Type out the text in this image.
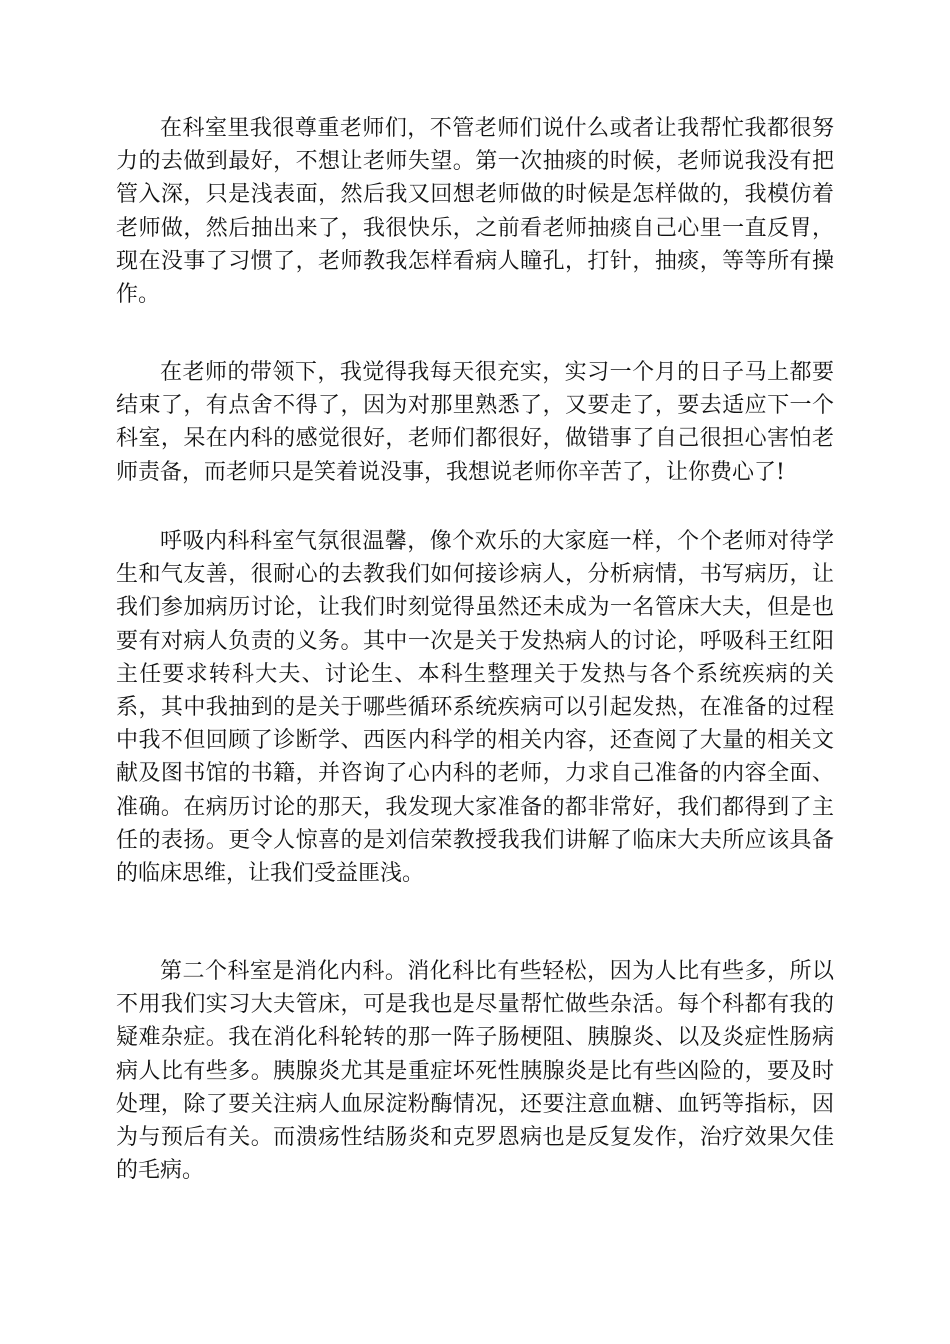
在科室里我很尊重老师们，不管老师们说什么或者让我帮忙我都很努力的去做到最好，不想让老师失望。第一次抽痰的时候，老师说我没有把管入深，只是浅表面，然后我又回想老师做的时候是怎样做的，我模仿着老师做，然后抽出来了，我很快乐，之前看老师抽痰自己心里一直反胃，现在没事了习惯了，老师教我怎样看病人瞳孔，打针，抽痰，等等所有操作。

在老师的带领下，我觉得我每天很充实，实习一个月的日子马上都要结束了，有点舍不得了，因为对那里熟悉了，又要走了，要去适应下一个科室，呆在内科的感觉很好，老师们都很好，做错事了自己很担心害怕老师责备，而老师只是笑着说没事，我想说老师你辛苦了，让你费心了!

呼吸内科科室气氛很温馨，像个欢乐的大家庭一样，个个老师对待学生和气友善，很耐心的去教我们如何接诊病人，分析病情，书写病历，让我们参加病历讨论，让我们时刻觉得虽然还未成为一名管床大夫，但是也要有对病人负责的义务。其中一次是关于发热病人的讨论，呼吸科王红阳主任要求转科大夫、讨论生、本科生整理关于发热与各个系统疾病的关系，其中我抽到的是关于哪些循环系统疾病可以引起发热，在准备的过程中我不但回顾了诊断学、西医内科学的相关内容，还查阅了大量的相关文献及图书馆的书籍，并咨询了心内科的老师，力求自己准备的内容全面、准确。在病历讨论的那天，我发现大家准备的都非常好，我们都得到了主任的表扬。更令人惊喜的是刘信荣教授我我们讲解了临床大夫所应该具备的临床思维，让我们受益匪浅。

第二个科室是消化内科。消化科比有些轻松，因为人比有些多，所以不用我们实习大夫管床，可是我也是尽量帮忙做些杂活。每个科都有我的疑难杂症。我在消化科轮转的那一阵子肠梗阻、胰腺炎、以及炎症性肠病病人比有些多。胰腺炎尤其是重症坏死性胰腺炎是比有些凶险的，要及时处理，除了要关注病人血尿淀粉酶情况，还要注意血糖、血钙等指标，因为与预后有关。而溃疡性结肠炎和克罗恩病也是反复发作，治疗效果欠佳的毛病。
